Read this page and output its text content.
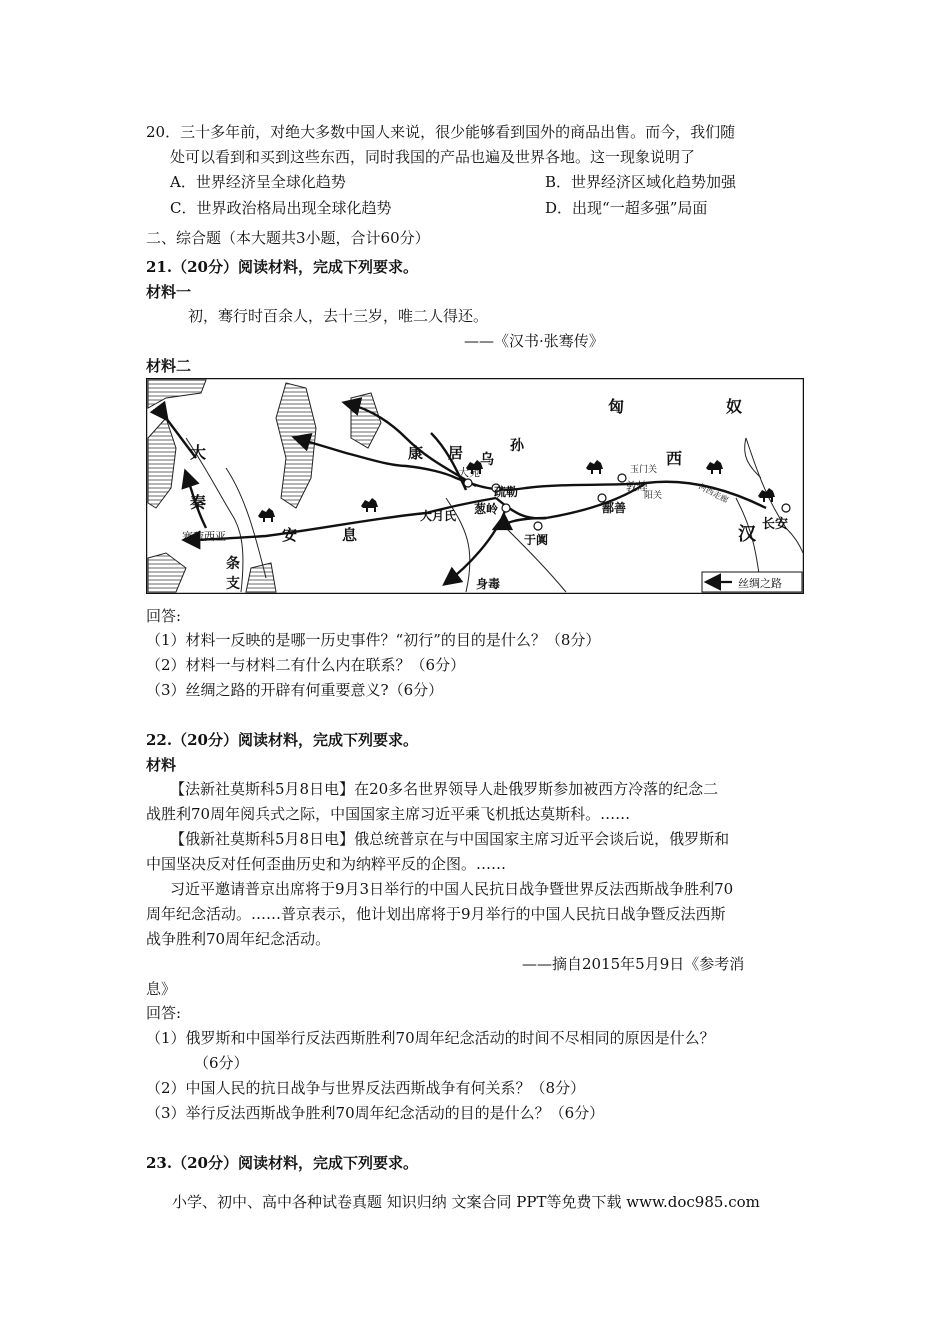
20．三十多年前，对绝大多数中国人来说，很少能够看到国外的商品出售。而今，我们随
处可以看到和买到这些东西，同时我国的产品也遍及世界各地。这一现象说明了
A．世界经济呈全球化趋势	B．世界经济区域化趋势加强
C．世界政治格局出现全球化趋势	D．出现“一超多强”局面
二、综合题（本大题共3小题，合计60分）
21.（20分）阅读材料，完成下列要求。
材料一
初，骞行时百余人，去十三岁，唯二人得还。
——《汉书·张骞传》
材料二
大
秦
康 居 乌
孙
匈	奴
西
汉
安	息
条
支
大宛
疏勒
大月氏 葱岭
于阗
鄯善
敦煌
玉门关
阳关	河西走廊
长安
塞琉西亚
身毒	丝绸之路
回答:
（1）材料一反映的是哪一历史事件？“初行”的目的是什么？（8分）
（2）材料一与材料二有什么内在联系？（6分）
（3）丝绸之路的开辟有何重要意义?（6分）
22.（20分）阅读材料，完成下列要求。
材料
【法新社莫斯科5月8日电】在20多名世界领导人赴俄罗斯参加被西方冷落的纪念二
战胜利70周年阅兵式之际，中国国家主席习近平乘飞机抵达莫斯科。……
【俄新社莫斯科5月8日电】俄总统普京在与中国国家主席习近平会谈后说，俄罗斯和
中国坚决反对任何歪曲历史和为纳粹平反的企图。……
习近平邀请普京出席将于9月3日举行的中国人民抗日战争暨世界反法西斯战争胜利70
周年纪念活动。……普京表示，他计划出席将于9月举行的中国人民抗日战争暨反法西斯
战争胜利70周年纪念活动。
——摘自2015年5月9日《参考消
息》
回答:
（1）俄罗斯和中国举行反法西斯胜利70周年纪念活动的时间不尽相同的原因是什么？
（6分）
（2）中国人民的抗日战争与世界反法西斯战争有何关系？（8分）
（3）举行反法西斯战争胜利70周年纪念活动的目的是什么？（6分）
23.（20分）阅读材料，完成下列要求。
小学、初中、高中各种试卷真题 知识归纳 文案合同 PPT等免费下载 www.doc985.com
